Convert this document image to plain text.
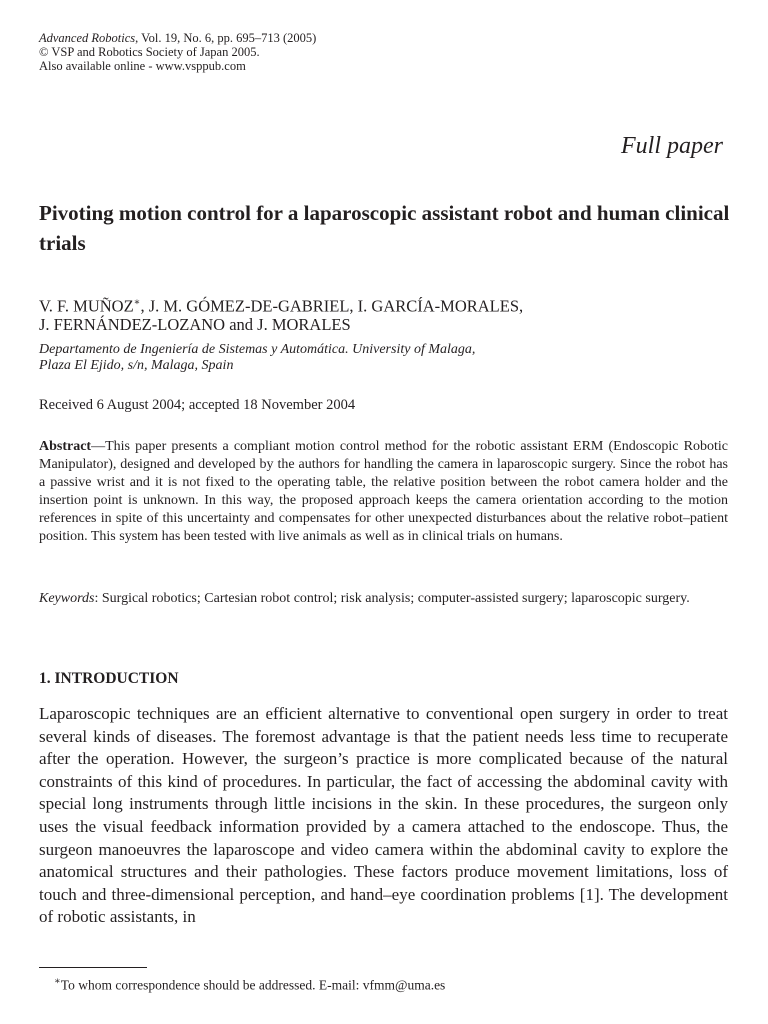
Advanced Robotics, Vol. 19, No. 6, pp. 695–713 (2005)
© VSP and Robotics Society of Japan 2005.
Also available online - www.vsppub.com
Full paper
Pivoting motion control for a laparoscopic assistant robot and human clinical trials
V. F. MUÑOZ∗, J. M. GÓMEZ-DE-GABRIEL, I. GARCÍA-MORALES,
J. FERNÁNDEZ-LOZANO and J. MORALES
Departamento de Ingeniería de Sistemas y Automática. University of Malaga,
Plaza El Ejido, s/n, Malaga, Spain
Received 6 August 2004; accepted 18 November 2004

Abstract—This paper presents a compliant motion control method for the robotic assistant ERM (Endoscopic Robotic Manipulator), designed and developed by the authors for handling the camera in laparoscopic surgery. Since the robot has a passive wrist and it is not fixed to the operating table, the relative position between the robot camera holder and the insertion point is unknown. In this way, the proposed approach keeps the camera orientation according to the motion references in spite of this uncertainty and compensates for other unexpected disturbances about the relative robot–patient position. This system has been tested with live animals as well as in clinical trials on humans.

Keywords: Surgical robotics; Cartesian robot control; risk analysis; computer-assisted surgery; laparoscopic surgery.

1. INTRODUCTION

Laparoscopic techniques are an efficient alternative to conventional open surgery in order to treat several kinds of diseases. The foremost advantage is that the patient needs less time to recuperate after the operation. However, the surgeon’s practice is more complicated because of the natural constraints of this kind of procedures. In particular, the fact of accessing the abdominal cavity with special long instruments through little incisions in the skin. In these procedures, the surgeon only uses the visual feedback information provided by a camera attached to the endoscope. Thus, the surgeon manoeuvres the laparoscope and video camera within the abdominal cavity to explore the anatomical structures and their pathologies. These factors produce movement limitations, loss of touch and three-dimensional perception, and hand–eye coordination problems [1]. The development of robotic assistants, in

∗To whom correspondence should be addressed. E-mail: vfmm@uma.es
